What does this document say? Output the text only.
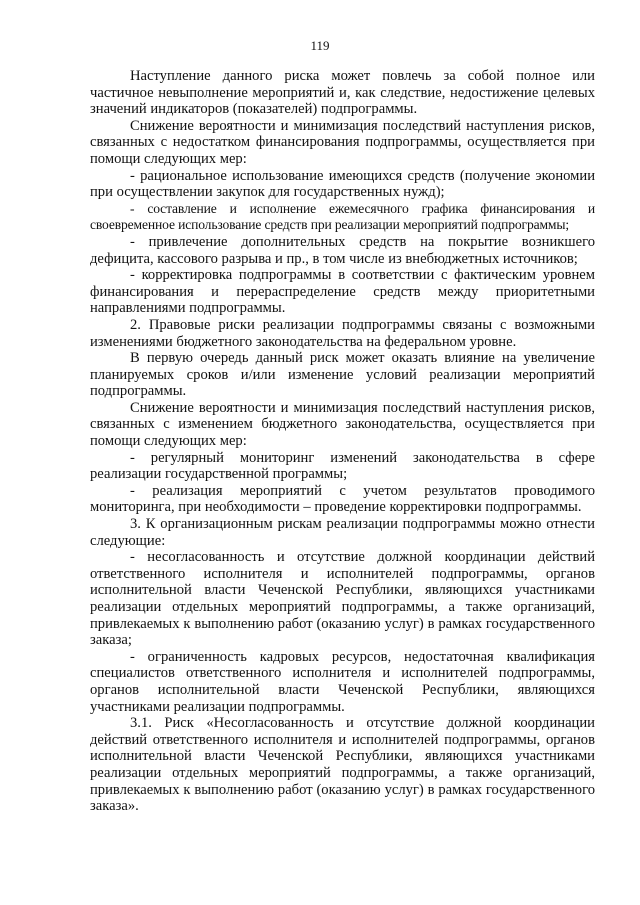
119

Наступление данного риска может повлечь за собой полное или частичное невыполнение мероприятий и, как следствие, недостижение целевых значений индикаторов (показателей) подпрограммы.

Снижение вероятности и минимизация последствий наступления рисков, связанных с недостатком финансирования подпрограммы, осуществляется при помощи следующих мер:

- рациональное использование имеющихся средств (получение экономии при осуществлении закупок для государственных нужд);

- составление и исполнение ежемесячного графика финансирования и своевременное использование средств при реализации мероприятий подпрограммы;

- привлечение дополнительных средств на покрытие возникшего дефицита, кассового разрыва и пр., в том числе из внебюджетных источников;

- корректировка подпрограммы в соответствии с фактическим уровнем финансирования и перераспределение средств между приоритетными направлениями подпрограммы.

2. Правовые риски реализации подпрограммы связаны с возможными изменениями бюджетного законодательства на федеральном уровне.

В первую очередь данный риск может оказать влияние на увеличение планируемых сроков и/или изменение условий реализации мероприятий подпрограммы.

Снижение вероятности и минимизация последствий наступления рисков, связанных с изменением бюджетного законодательства, осуществляется при помощи следующих мер:

- регулярный мониторинг изменений законодательства в сфере реализации государственной программы;

- реализация мероприятий с учетом результатов проводимого мониторинга, при необходимости – проведение корректировки подпрограммы.

3. К организационным рискам реализации подпрограммы можно отнести следующие:

- несогласованность и отсутствие должной координации действий ответственного исполнителя и исполнителей подпрограммы, органов исполнительной власти Чеченской Республики, являющихся участниками реализации отдельных мероприятий подпрограммы, а также организаций, привлекаемых к выполнению работ (оказанию услуг) в рамках государственного заказа;

- ограниченность кадровых ресурсов, недостаточная квалификация специалистов ответственного исполнителя и исполнителей подпрограммы, органов исполнительной власти Чеченской Республики, являющихся участниками реализации подпрограммы.

3.1. Риск «Несогласованность и отсутствие должной координации действий ответственного исполнителя и исполнителей подпрограммы, органов исполнительной власти Чеченской Республики, являющихся участниками реализации отдельных мероприятий подпрограммы, а также организаций, привлекаемых к выполнению работ (оказанию услуг) в рамках государственного заказа».
